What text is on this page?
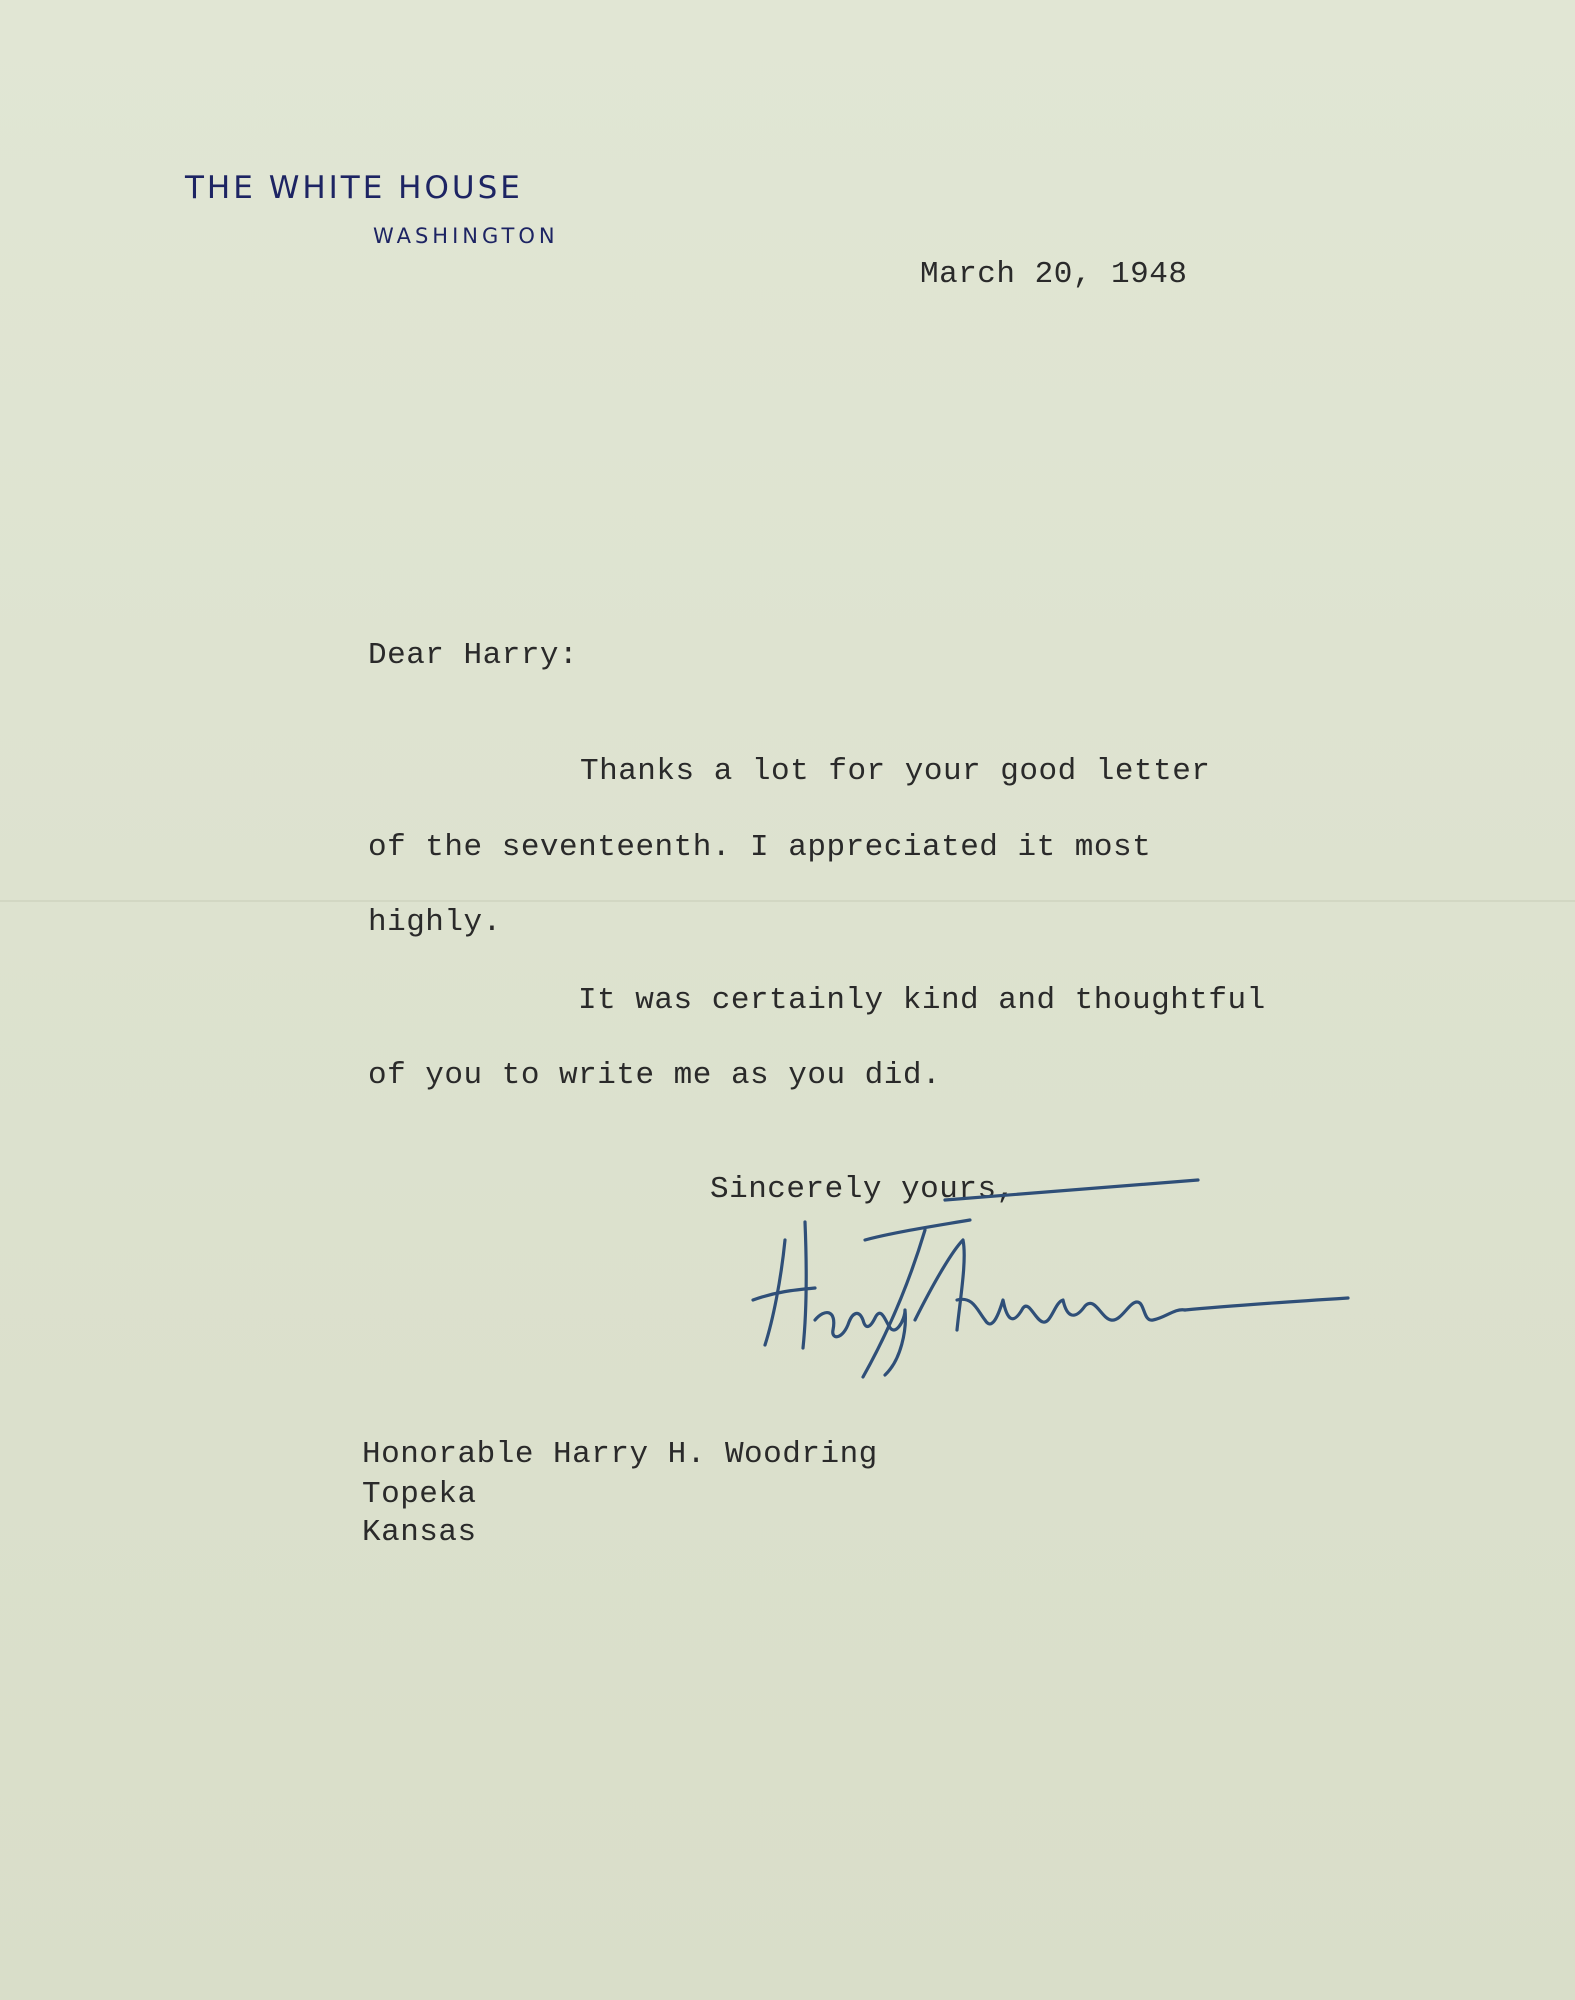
THE WHITE HOUSE
WASHINGTON
March 20, 1948
Dear Harry:
Thanks a lot for your good letter
of the seventeenth. I appreciated it most
highly.
It was certainly kind and thoughtful
of you to write me as you did.
Sincerely yours,
Honorable Harry H. Woodring
Topeka
Kansas
